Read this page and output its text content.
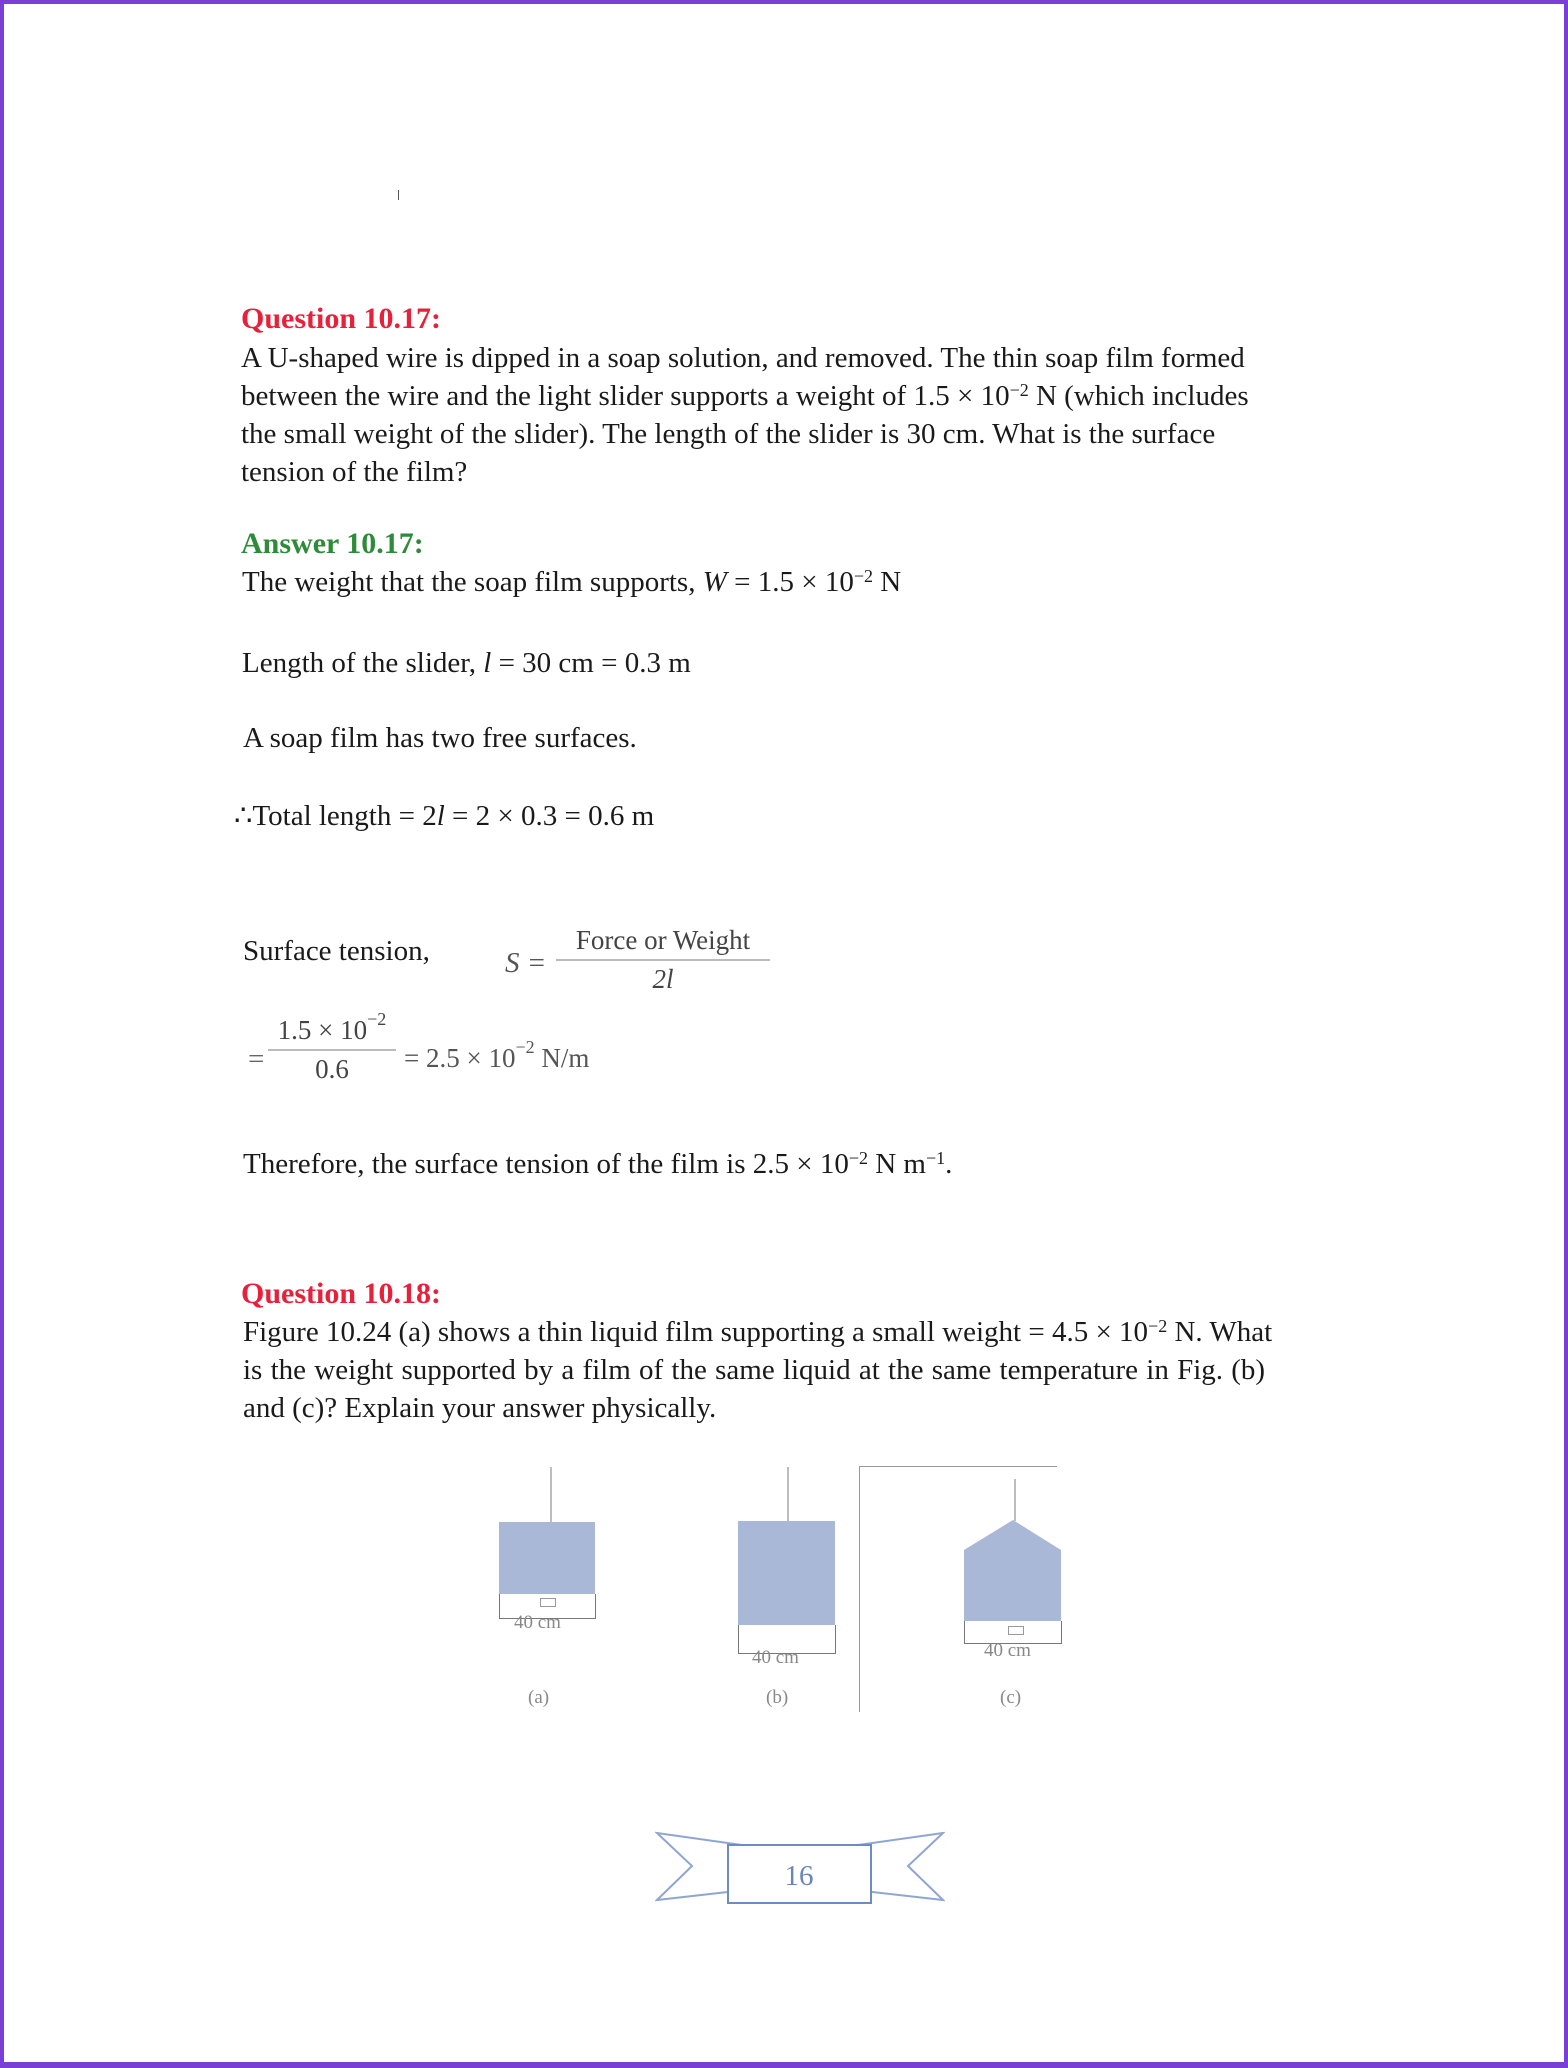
Question 10.17:
A U-shaped wire is dipped in a soap solution, and removed. The thin soap film formed
between the wire and the light slider supports a weight of $1.5 \times 10^{-2}$ N (which includes
the small weight of the slider). The length of the slider is 30 cm. What is the surface
tension of the film?
Answer 10.17:
The weight that the soap film supports, $W = 1.5 \times 10^{-2}$ N
Length of the slider, l = 30 cm = 0.3 m
A soap film has two free surfaces.
∴Total length = 2l = 2 × 0.3 = 0.6 m
Surface tension,	S =
Force or Weight
2l
=
$1.5 \times 10^{-2}$
0.6	= $2.5 \times 10^{-2}$ N/m
Therefore, the surface tension of the film is $2.5 \times 10^{-2}$ N $m^{-1}$.
Question 10.18:
Figure 10.24 (a) shows a thin liquid film supporting a small weight = $4.5 \times 10^{-2}$ N. What
is the weight supported by a film of the same liquid at the same temperature in Fig. (b)
and (c)? Explain your answer physically.
40 cm
(a)
40 cm
(b)
40 cm
(c)
16
